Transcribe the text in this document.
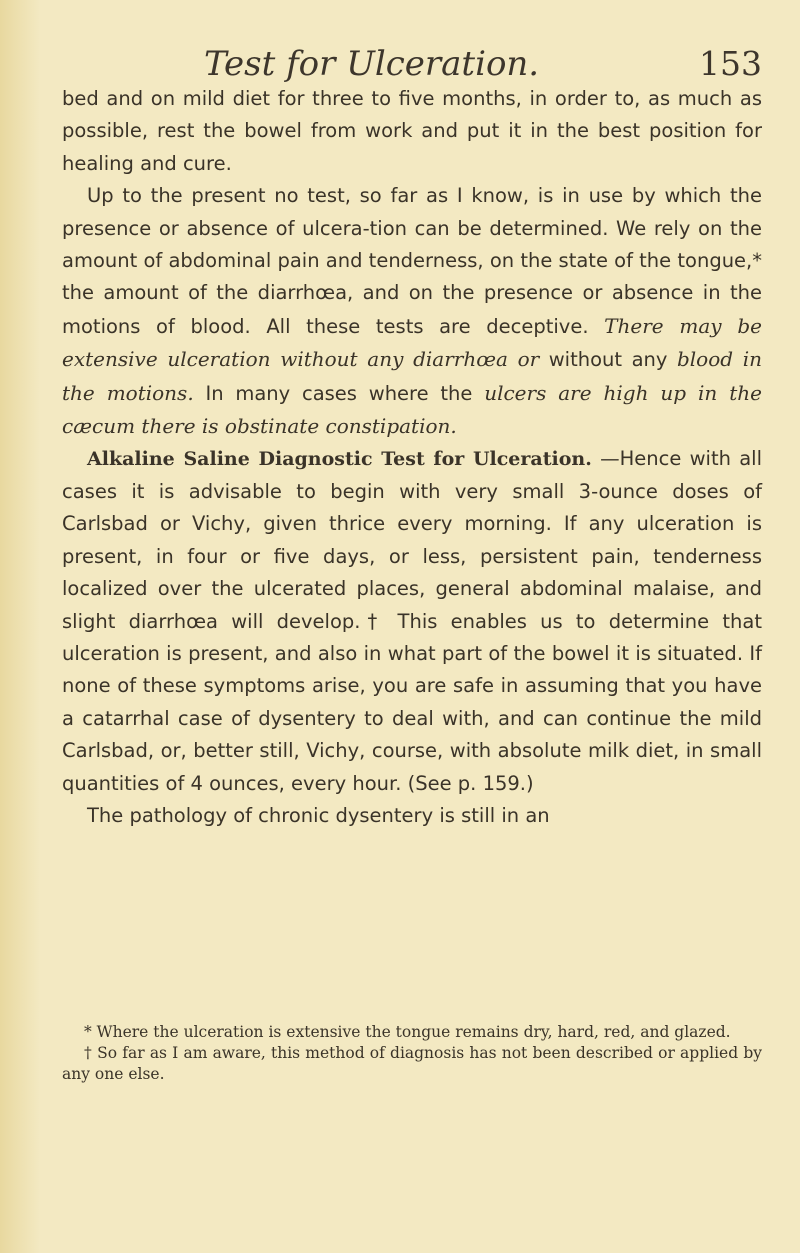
Test for Ulceration.	153

bed and on mild diet for three to five months, in order to, as much as possible, rest the bowel from work and put it in the best position for healing and cure.

Up to the present no test, so far as I know, is in use by which the presence or absence of ulcera-tion can be determined. We rely on the amount of abdominal pain and tenderness, on the state of the tongue,* the amount of the diarrhœa, and on the presence or absence in the motions of blood. All these tests are deceptive. There may be extensive ulceration without any diarrhœa or without any blood in the motions. In many cases where the ulcers are high up in the cæcum there is obstinate constipation.

Alkaline Saline Diagnostic Test for Ulceration. —Hence with all cases it is advisable to begin with very small 3-ounce doses of Carlsbad or Vichy, given thrice every morning. If any ulceration is present, in four or five days, or less, persistent pain, tenderness localized over the ulcerated places, general abdominal malaise, and slight diarrhœa will develop.† This enables us to determine that ulceration is present, and also in what part of the bowel it is situated. If none of these symptoms arise, you are safe in assuming that you have a catarrhal case of dysentery to deal with, and can continue the mild Carlsbad, or, better still, Vichy, course, with absolute milk diet, in small quantities of 4 ounces, every hour. (See p. 159.)

The pathology of chronic dysentery is still in an

* Where the ulceration is extensive the tongue remains dry, hard, red, and glazed.

† So far as I am aware, this method of diagnosis has not been described or applied by any one else.
